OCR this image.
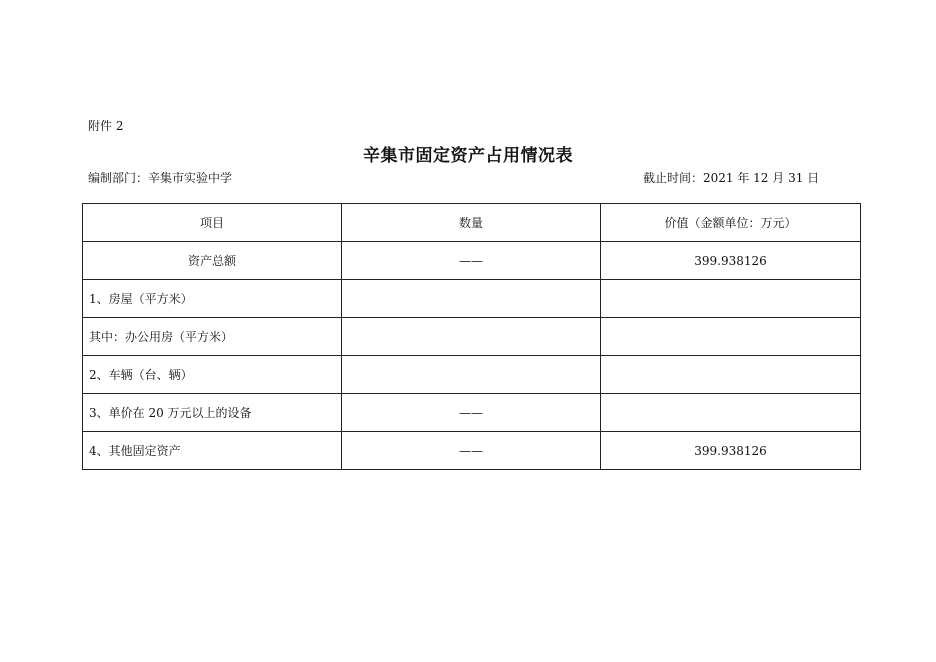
附件 2
辛集市固定资产占用情况表
编制部门：辛集市实验中学	截止时间：2021 年 12 月 31 日
项目	数量	价值（金额单位：万元）
资产总额	——	399.938126
1、房屋（平方米）		
其中：办公用房（平方米）		
2、车辆（台、辆）		
3、单价在 20 万元以上的设备	——	
4、其他固定资产	——	399.938126
